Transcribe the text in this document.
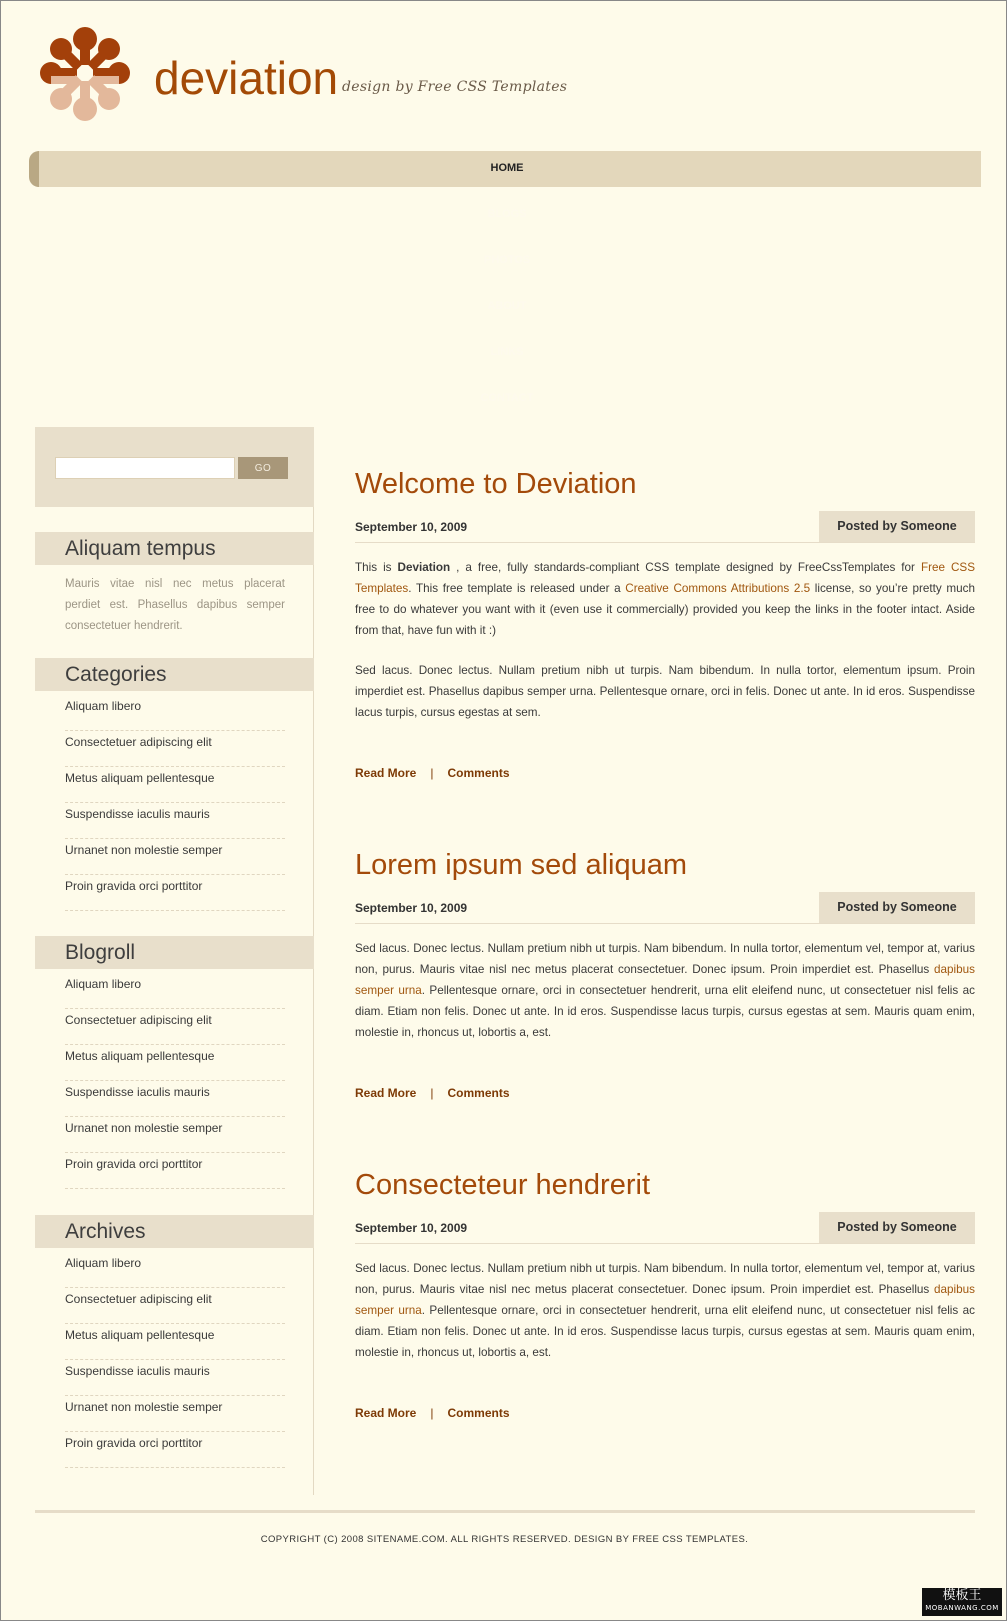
deviation design by Free CSS Templates
HOME
BLOGS
PHOTOS
ABOUT
LINKS
CONTACT
GO
Aliquam tempus
Mauris vitae nisl nec metus placerat perdiet est. Phasellus dapibus semper consectetuer hendrerit.
Categories
Aliquam libero
Consectetuer adipiscing elit
Metus aliquam pellentesque
Suspendisse iaculis mauris
Urnanet non molestie semper
Proin gravida orci porttitor
Blogroll
Aliquam libero
Consectetuer adipiscing elit
Metus aliquam pellentesque
Suspendisse iaculis mauris
Urnanet non molestie semper
Proin gravida orci porttitor
Archives
Aliquam libero
Consectetuer adipiscing elit
Metus aliquam pellentesque
Suspendisse iaculis mauris
Urnanet non molestie semper
Proin gravida orci porttitor
Welcome to Deviation
September 10, 2009	Posted by Someone

This is Deviation , a free, fully standards-compliant CSS template designed by FreeCssTemplates for Free CSS Templates. This free template is released under a Creative Commons Attributions 2.5 license, so you’re pretty much free to do whatever you want with it (even use it commercially) provided you keep the links in the footer intact. Aside from that, have fun with it :)

Sed lacus. Donec lectus. Nullam pretium nibh ut turpis. Nam bibendum. In nulla tortor, elementum ipsum. Proin imperdiet est. Phasellus dapibus semper urna. Pellentesque ornare, orci in felis. Donec ut ante. In id eros. Suspendisse lacus turpis, cursus egestas at sem.

Read More | Comments
Lorem ipsum sed aliquam
September 10, 2009	Posted by Someone

Sed lacus. Donec lectus. Nullam pretium nibh ut turpis. Nam bibendum. In nulla tortor, elementum vel, tempor at, varius non, purus. Mauris vitae nisl nec metus placerat consectetuer. Donec ipsum. Proin imperdiet est. Phasellus dapibus semper urna. Pellentesque ornare, orci in consectetuer hendrerit, urna elit eleifend nunc, ut consectetuer nisl felis ac diam. Etiam non felis. Donec ut ante. In id eros. Suspendisse lacus turpis, cursus egestas at sem. Mauris quam enim, molestie in, rhoncus ut, lobortis a, est.

Read More | Comments
Consecteteur hendrerit
September 10, 2009	Posted by Someone

Sed lacus. Donec lectus. Nullam pretium nibh ut turpis. Nam bibendum. In nulla tortor, elementum vel, tempor at, varius non, purus. Mauris vitae nisl nec metus placerat consectetuer. Donec ipsum. Proin imperdiet est. Phasellus dapibus semper urna. Pellentesque ornare, orci in consectetuer hendrerit, urna elit eleifend nunc, ut consectetuer nisl felis ac diam. Etiam non felis. Donec ut ante. In id eros. Suspendisse lacus turpis, cursus egestas at sem. Mauris quam enim, molestie in, rhoncus ut, lobortis a, est.

Read More | Comments
COPYRIGHT (C) 2008 SITENAME.COM. ALL RIGHTS RESERVED. DESIGN BY FREE CSS TEMPLATES.
模板王
MOBANWANG.COM
